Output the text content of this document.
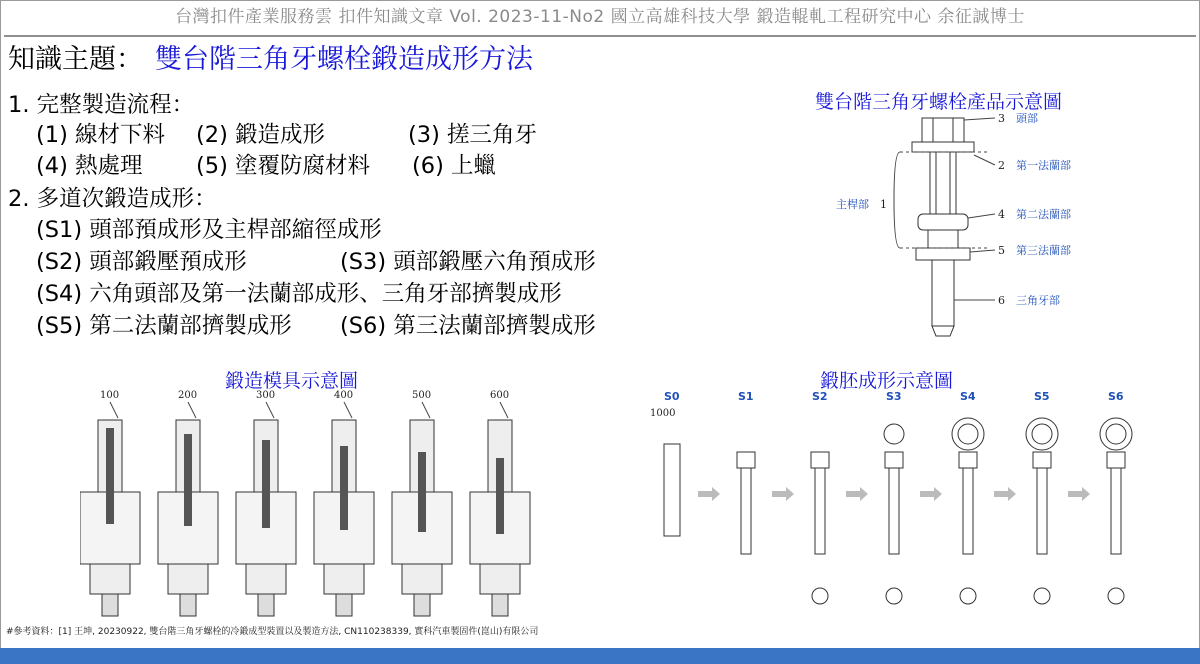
台灣扣件產業服務雲 扣件知識文章 Vol. 2023-11-No2 國立高雄科技大學 鍛造輥軋工程研究中心 余征誠博士
知識主題： 雙台階三角牙螺栓鍛造成形方法
1. 完整製造流程：
(1) 線材下料 (2) 鍛造成形	(3) 搓三角牙
(4) 熱處理 (5) 塗覆防腐材料 (6) 上蠟
2. 多道次鍛造成形：
(S1) 頭部預成形及主桿部縮徑成形
(S2) 頭部鍛壓預成形	(S3) 頭部鍛壓六角預成形
(S4) 六角頭部及第一法蘭部成形、三角牙部擠製成形
(S5) 第二法蘭部擠製成形 (S6) 第三法蘭部擠製成形
雙台階三角牙螺栓產品示意圖
3
2
1
4
5
6
頭部
第一法蘭部
主桿部
第二法蘭部
第三法蘭部
三角牙部
鍛造模具示意圖
100	200	300	400	500	600
鍛胚成形示意圖
S0	S1	S2	S3	S4	S5	S6
1000
#參考資料：[1] 王坤, 20230922, 雙台階三角牙螺栓的冷鍛成型裝置以及製造方法, CN110238339, 實科汽車製固件(崑山)有限公司
